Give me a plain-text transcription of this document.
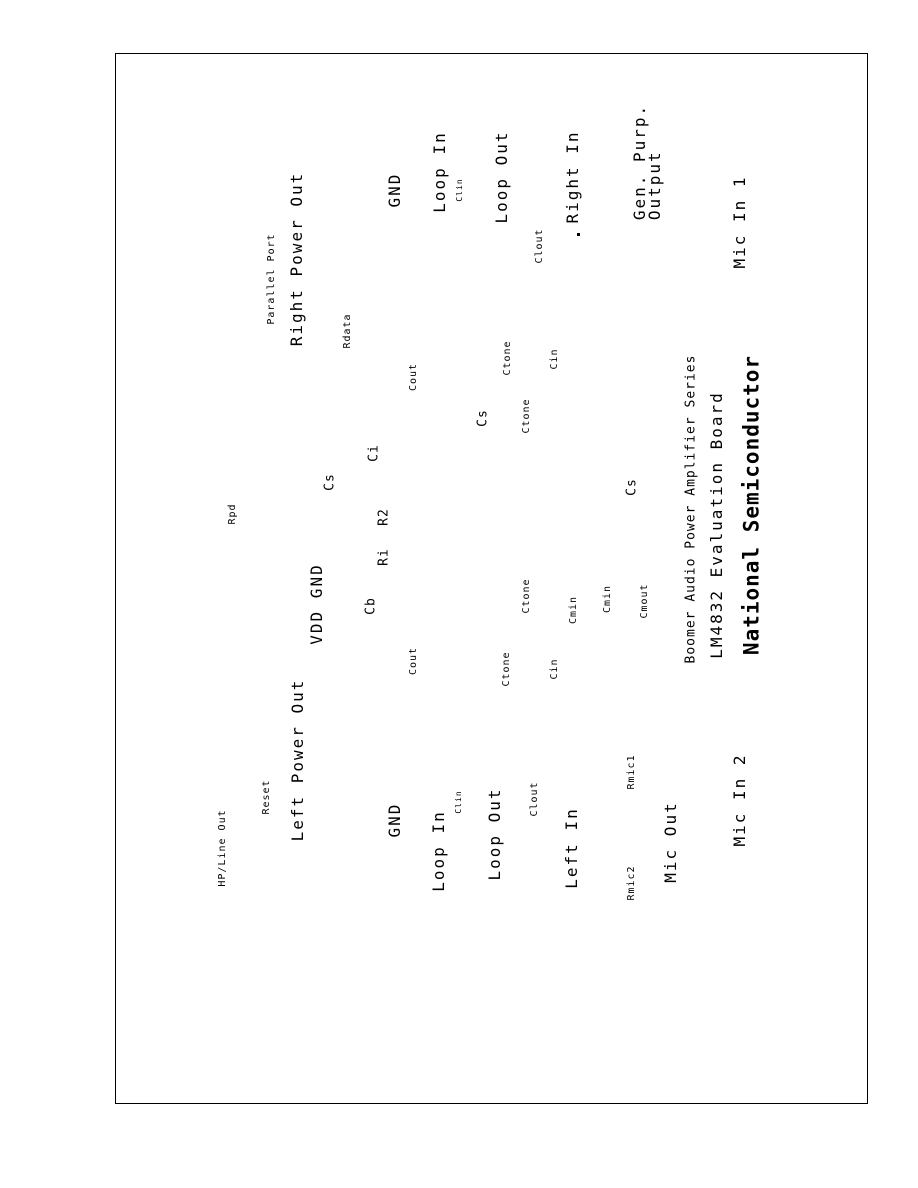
HP/Line Out
Reset Left Power Out	GND Loop In
Clin Loop Out	Clout
Left In	Rmic2
Rmic1
Mic Out	Mic In 2
VDD GND
Cout
Cb
Ctone
Ctone
Cin
Cmin Cmin	Cmout
Rpd
Cs
Ri
R2
Ci
Cs
Cs
Parallel Port Right Power Out	Rdata
Cout
Ctone
Ctone
Cin
GND Loop In Clin Loop Out
Clout
Right In	Gen. Purp.
Output	Mic In 1
Boomer Audio Power Amplifier Series LM4832 Evaluation Board National Semiconductor
